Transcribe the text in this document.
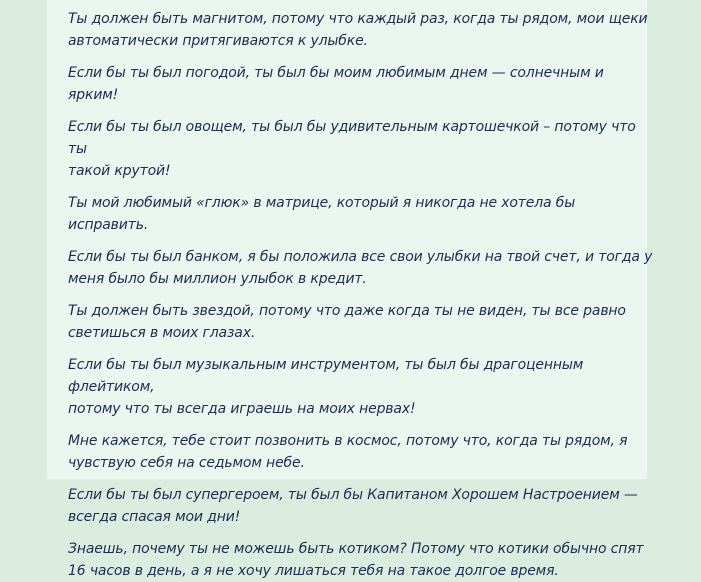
Ты должен быть магнитом, потому что каждый раз, когда ты рядом, мои щеки
автоматически притягиваются к улыбке.
Если бы ты был погодой, ты был бы моим любимым днем — солнечным и ярким!
Если бы ты был овощем, ты был бы удивительным картошечкой – потому что ты
такой крутой!
Ты мой любимый «глюк» в матрице, который я никогда не хотела бы исправить.
Если бы ты был банком, я бы положила все свои улыбки на твой счет, и тогда у
меня было бы миллион улыбок в кредит.
Ты должен быть звездой, потому что даже когда ты не виден, ты все равно
светишься в моих глазах.
Если бы ты был музыкальным инструментом, ты был бы драгоценным флейтиком,
потому что ты всегда играешь на моих нервах!
Мне кажется, тебе стоит позвонить в космос, потому что, когда ты рядом, я
чувствую себя на седьмом небе.
Если бы ты был супергероем, ты был бы Капитаном Хорошем Настроением —
всегда спасая мои дни!
Знаешь, почему ты не можешь быть котиком? Потому что котики обычно спят
16 часов в день, а я не хочу лишаться тебя на такое долгое время.
